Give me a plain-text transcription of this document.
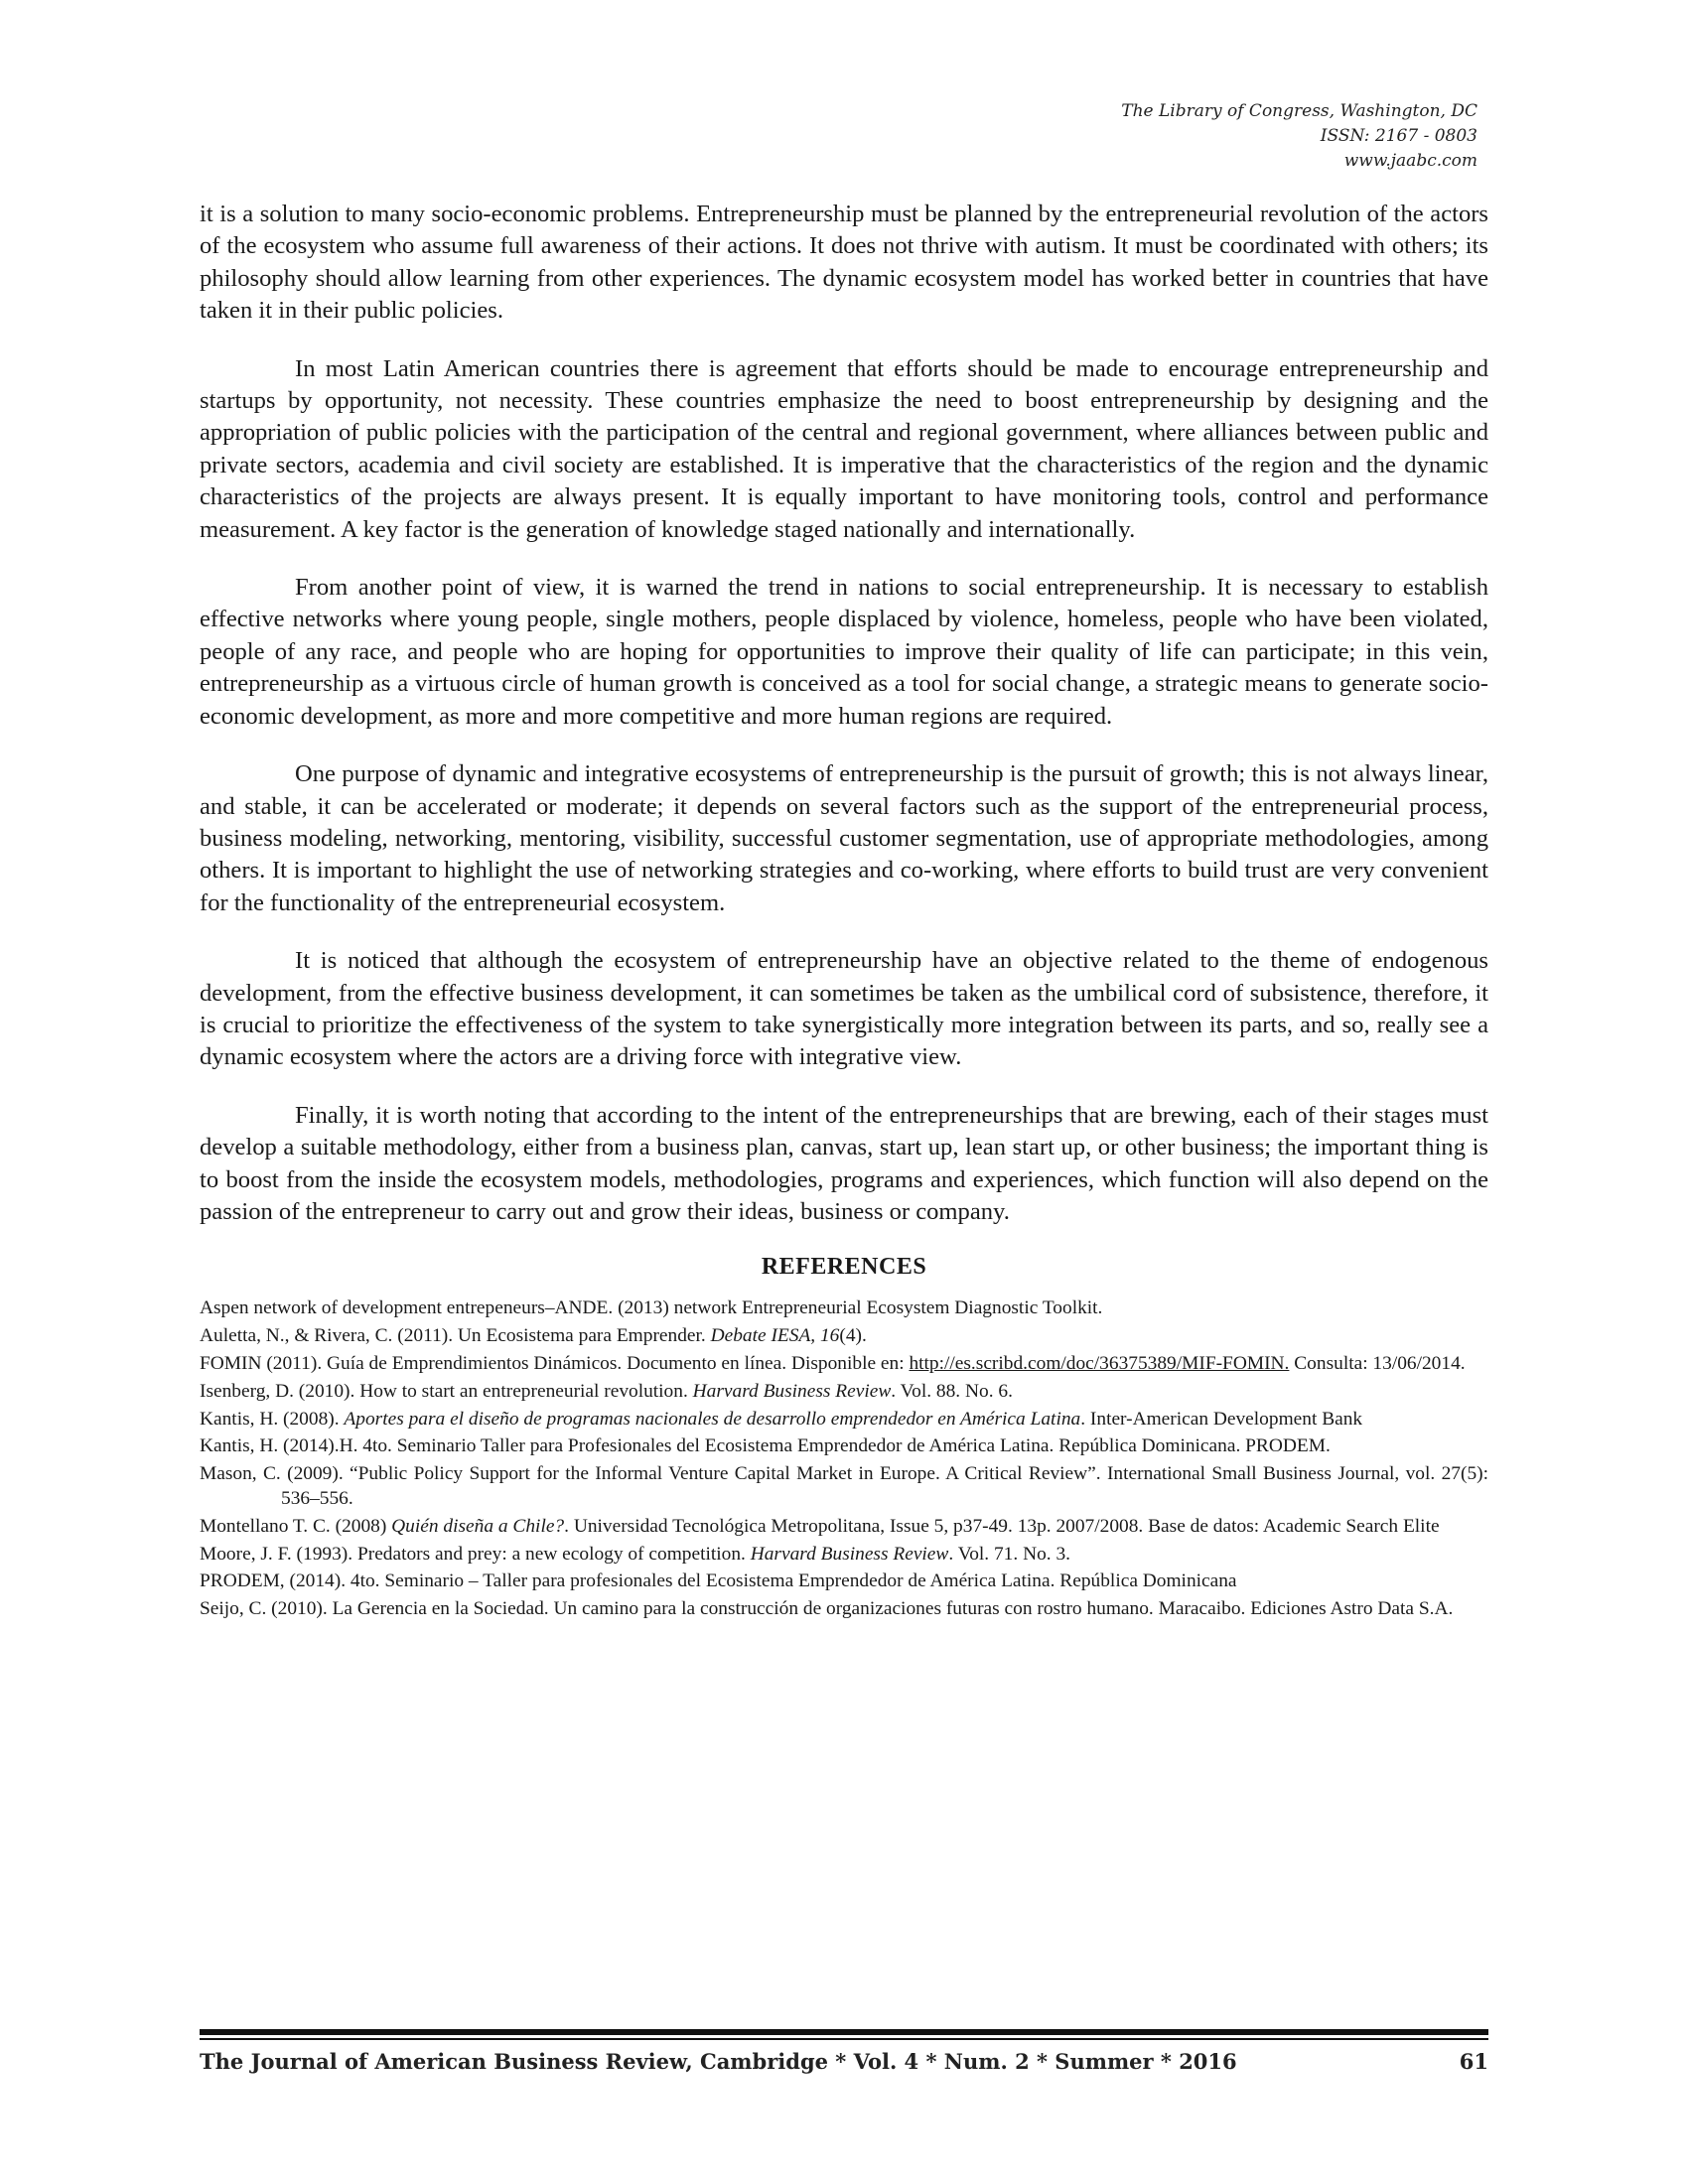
The Library of Congress, Washington, DC
ISSN: 2167 - 0803
www.jaabc.com

it is a solution to many socio-economic problems. Entrepreneurship must be planned by the entrepreneurial revolution of the actors of the ecosystem who assume full awareness of their actions. It does not thrive with autism. It must be coordinated with others; its philosophy should allow learning from other experiences. The dynamic ecosystem model has worked better in countries that have taken it in their public policies.

In most Latin American countries there is agreement that efforts should be made to encourage entrepreneurship and startups by opportunity, not necessity. These countries emphasize the need to boost entrepreneurship by designing and the appropriation of public policies with the participation of the central and regional government, where alliances between public and private sectors, academia and civil society are established. It is imperative that the characteristics of the region and the dynamic characteristics of the projects are always present. It is equally important to have monitoring tools, control and performance measurement. A key factor is the generation of knowledge staged nationally and internationally.

From another point of view, it is warned the trend in nations to social entrepreneurship. It is necessary to establish effective networks where young people, single mothers, people displaced by violence, homeless, people who have been violated, people of any race, and people who are hoping for opportunities to improve their quality of life can participate; in this vein, entrepreneurship as a virtuous circle of human growth is conceived as a tool for social change, a strategic means to generate socio-economic development, as more and more competitive and more human regions are required.

One purpose of dynamic and integrative ecosystems of entrepreneurship is the pursuit of growth; this is not always linear, and stable, it can be accelerated or moderate; it depends on several factors such as the support of the entrepreneurial process, business modeling, networking, mentoring, visibility, successful customer segmentation, use of appropriate methodologies, among others. It is important to highlight the use of networking strategies and co-working, where efforts to build trust are very convenient for the functionality of the entrepreneurial ecosystem.

It is noticed that although the ecosystem of entrepreneurship have an objective related to the theme of endogenous development, from the effective business development, it can sometimes be taken as the umbilical cord of subsistence, therefore, it is crucial to prioritize the effectiveness of the system to take synergistically more integration between its parts, and so, really see a dynamic ecosystem where the actors are a driving force with integrative view.

Finally, it is worth noting that according to the intent of the entrepreneurships that are brewing, each of their stages must develop a suitable methodology, either from a business plan, canvas, start up, lean start up, or other business; the important thing is to boost from the inside the ecosystem models, methodologies, programs and experiences, which function will also depend on the passion of the entrepreneur to carry out and grow their ideas, business or company.

REFERENCES

Aspen network of development entrepeneurs–ANDE. (2013) network Entrepreneurial Ecosystem Diagnostic Toolkit.

Auletta, N., & Rivera, C. (2011). Un Ecosistema para Emprender. Debate IESA, 16(4).

FOMIN (2011). Guía de Emprendimientos Dinámicos. Documento en línea. Disponible en: http://es.scribd.com/doc/36375389/MIF-FOMIN. Consulta: 13/06/2014.

Isenberg, D. (2010). How to start an entrepreneurial revolution. Harvard Business Review. Vol. 88. No. 6.

Kantis, H. (2008). Aportes para el diseño de programas nacionales de desarrollo emprendedor en América Latina. Inter-American Development Bank

Kantis, H. (2014).H. 4to. Seminario Taller para Profesionales del Ecosistema Emprendedor de América Latina. República Dominicana. PRODEM.

Mason, C. (2009). “Public Policy Support for the Informal Venture Capital Market in Europe. A Critical Review”. International Small Business Journal, vol. 27(5): 536–556.

Montellano T. C. (2008) Quién diseña a Chile?. Universidad Tecnológica Metropolitana, Issue 5, p37-49. 13p. 2007/2008. Base de datos: Academic Search Elite

Moore, J. F. (1993). Predators and prey: a new ecology of competition. Harvard Business Review. Vol. 71. No. 3.

PRODEM, (2014). 4to. Seminario – Taller para profesionales del Ecosistema Emprendedor de América Latina. República Dominicana

Seijo, C. (2010). La Gerencia en la Sociedad. Un camino para la construcción de organizaciones futuras con rostro humano. Maracaibo. Ediciones Astro Data S.A.

The Journal of American Business Review, Cambridge * Vol. 4 * Num. 2 * Summer * 2016	61
